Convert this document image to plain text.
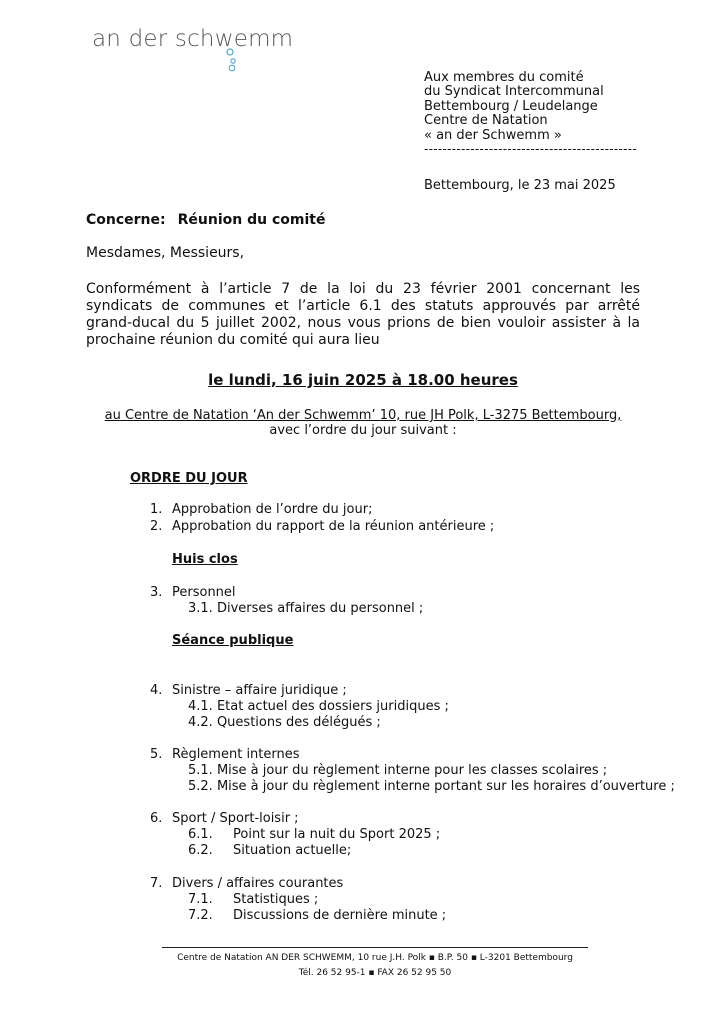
an der schwemm
Aux membres du comité
du Syndicat Intercommunal
Bettembourg / Leudelange
Centre de Natation
« an der Schwemm »
----------------------------------------------
Bettembourg, le 23 mai 2025
Concerne: Réunion du comité
Mesdames, Messieurs,
Conformément à l’article 7 de la loi du 23 février 2001 concernant les syndicats de communes et l’article 6.1 des statuts approuvés par arrêté grand-ducal du 5 juillet 2002, nous vous prions de bien vouloir assister à la prochaine réunion du comité qui aura lieu
le lundi, 16 juin 2025 à 18.00 heures
au Centre de Natation ‘An der Schwemm’ 10, rue JH Polk, L-3275 Bettembourg,
avec l’ordre du jour suivant :
ORDRE DU JOUR
1. Approbation de l’ordre du jour;
2. Approbation du rapport de la réunion antérieure ;
Huis clos
3. Personnel
3.1. Diverses affaires du personnel ;
Séance publique
4. Sinistre – affaire juridique ;
4.1. Etat actuel des dossiers juridiques ;
4.2. Questions des délégués ;
5. Règlement internes
5.1. Mise à jour du règlement interne pour les classes scolaires ;
5.2. Mise à jour du règlement interne portant sur les horaires d’ouverture ;
6. Sport / Sport-loisir ;
6.1. Point sur la nuit du Sport 2025 ;
6.2. Situation actuelle;
7. Divers / affaires courantes
7.1. Statistiques ;
7.2. Discussions de dernière minute ;
Centre de Natation AN DER SCHWEMM, 10 rue J.H. Polk ▪ B.P. 50 ▪ L-3201 Bettembourg
Tél. 26 52 95-1 ▪ FAX 26 52 95 50
